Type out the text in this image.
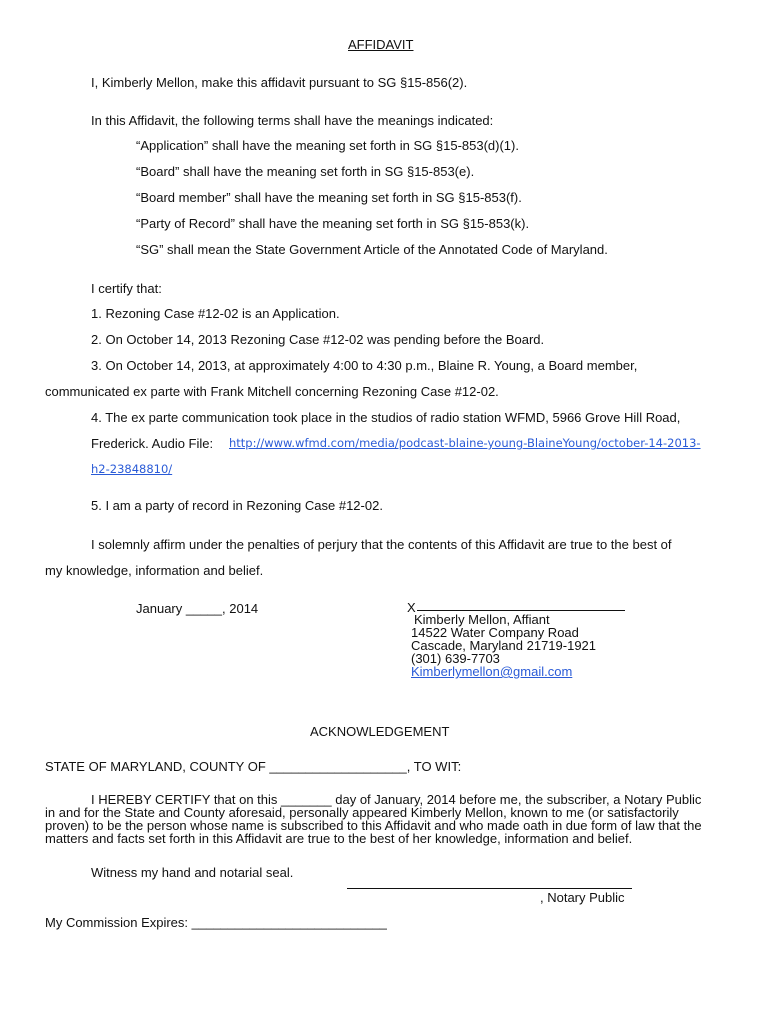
AFFIDAVIT
I, Kimberly Mellon, make this affidavit pursuant to SG §15-856(2).
In this Affidavit, the following terms shall have the meanings indicated:
“Application” shall have the meaning set forth in SG §15-853(d)(1).
“Board” shall have the meaning set forth in SG §15-853(e).
“Board member” shall have the meaning set forth in SG §15-853(f).
“Party of Record” shall have the meaning set forth in SG §15-853(k).
“SG” shall mean the State Government Article of the Annotated Code of Maryland.
I certify that:
1. Rezoning Case #12-02 is an Application.
2. On October 14, 2013 Rezoning Case #12-02 was pending before the Board.
3. On October 14, 2013, at approximately 4:00 to 4:30 p.m., Blaine R. Young, a Board member,
communicated ex parte with Frank Mitchell concerning Rezoning Case #12-02.
4. The ex parte communication took place in the studios of radio station WFMD, 5966 Grove Hill Road,
Frederick. Audio File: http://www.wfmd.com/media/podcast-blaine-young-BlaineYoung/october-14-2013-
h2-23848810/
5. I am a party of record in Rezoning Case #12-02.
I solemnly affirm under the penalties of perjury that the contents of this Affidavit are true to the best of
my knowledge, information and belief.
January _____, 2014	X
Kimberly Mellon, Affiant
14522 Water Company Road
Cascade, Maryland 21719-1921
(301) 639-7703
Kimberlymellon@gmail.com
ACKNOWLEDGEMENT
STATE OF MARYLAND, COUNTY OF ___________________, TO WIT:
I HEREBY CERTIFY that on this _______ day of January, 2014 before me, the subscriber, a Notary Public in and for the State and County aforesaid, personally appeared Kimberly Mellon, known to me (or satisfactorily proven) to be the person whose name is subscribed to this Affidavit and who made oath in due form of law that the matters and facts set forth in this Affidavit are true to the best of her knowledge, information and belief.
Witness my hand and notarial seal.
, Notary Public
My Commission Expires: ___________________________
